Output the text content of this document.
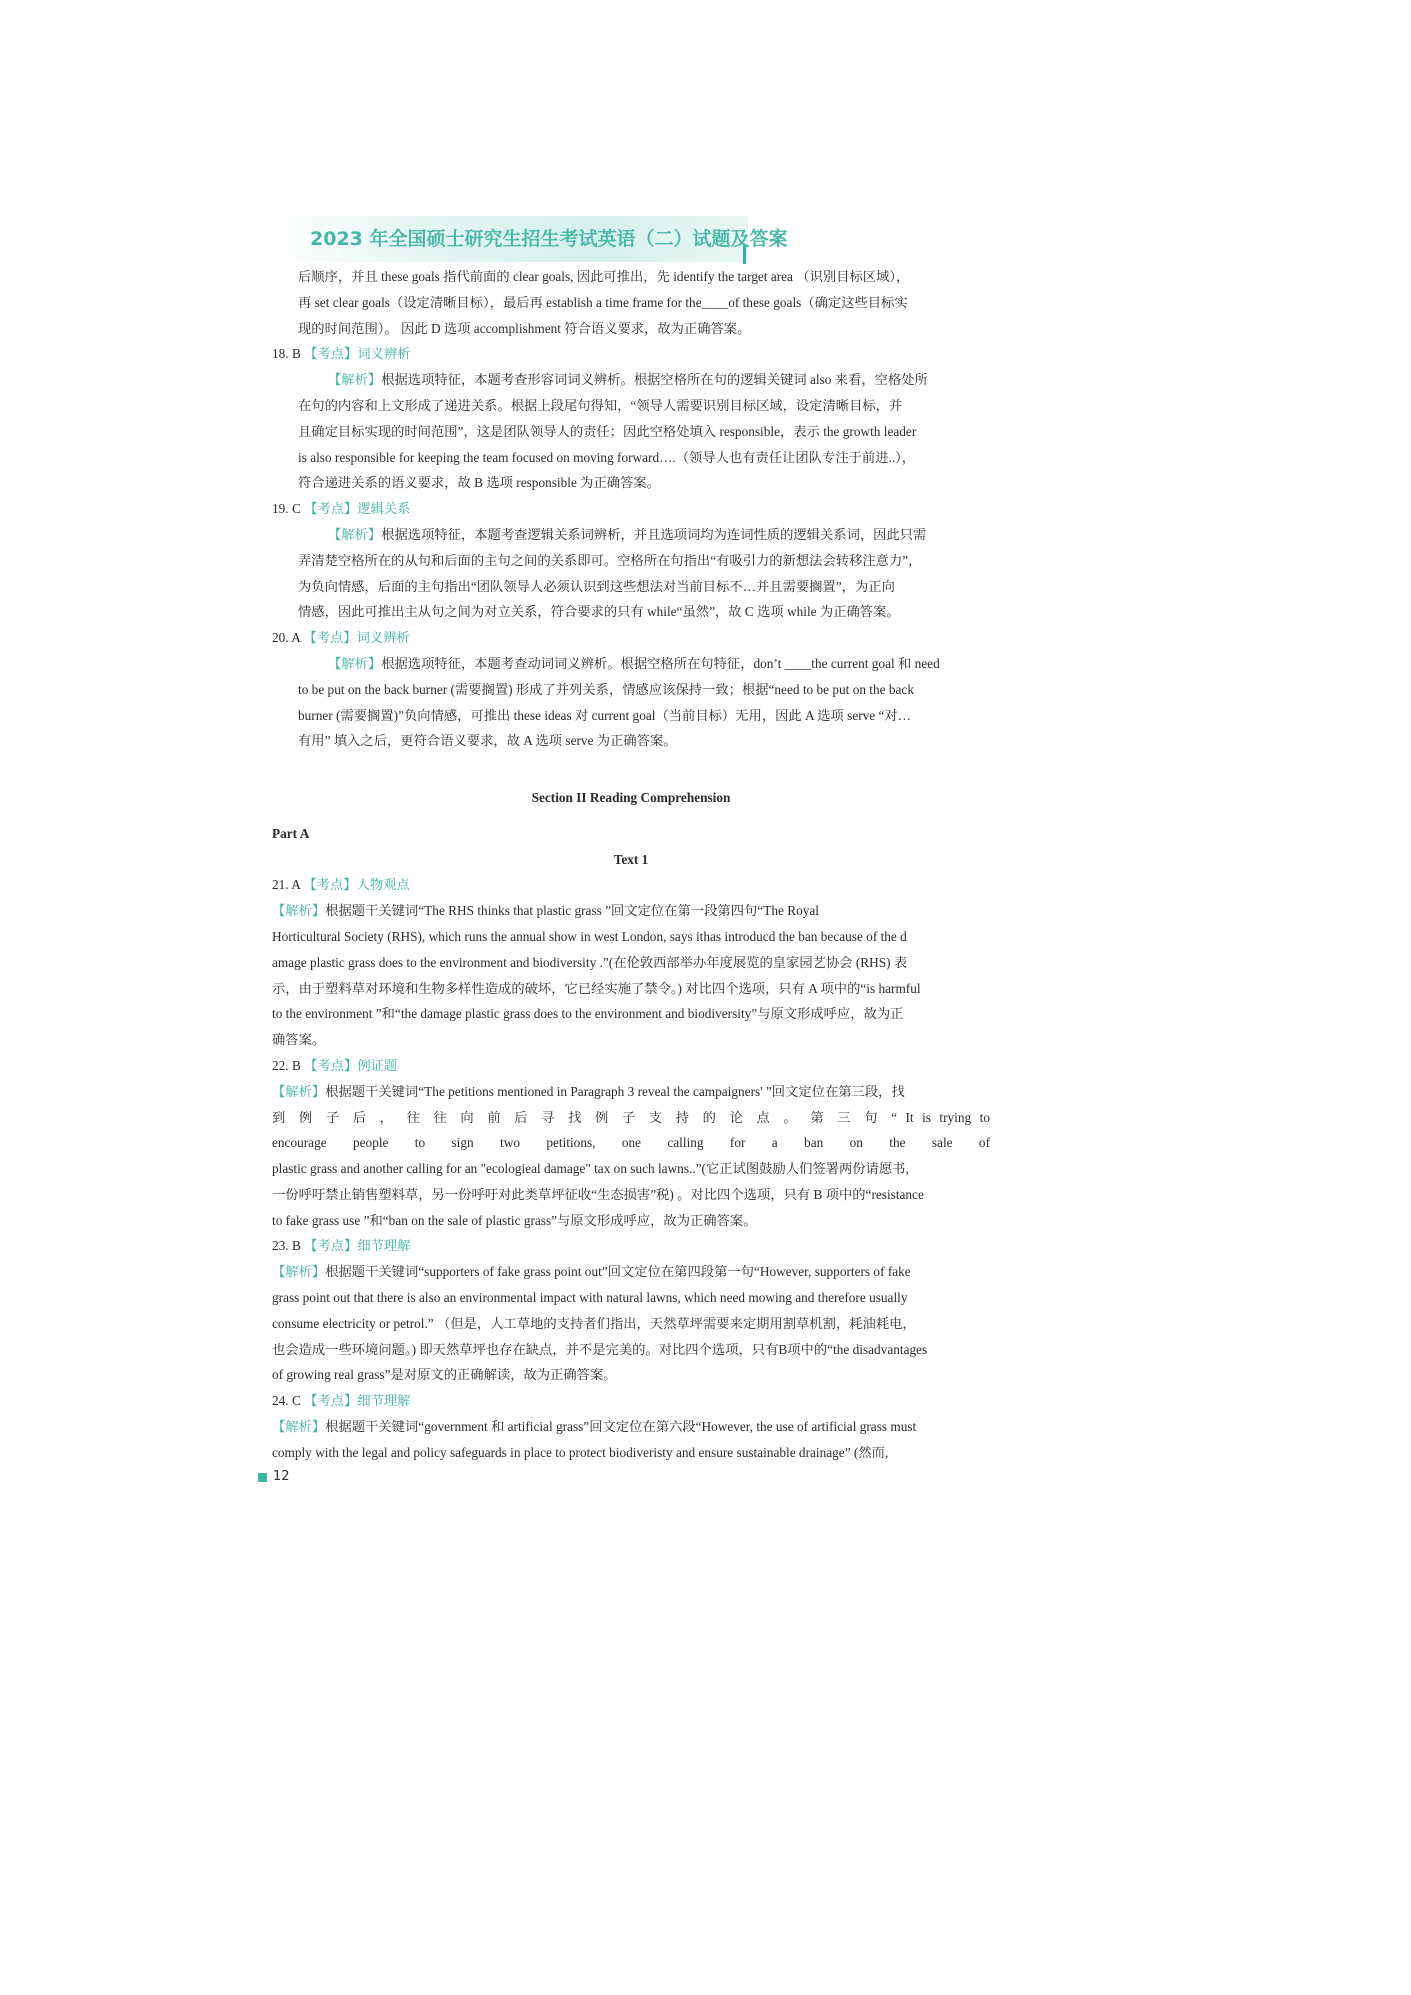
2023 年全国硕士研究生招生考试英语（二）试题及答案
后顺序，并且 these goals 指代前面的 clear goals, 因此可推出，先 identify the target area （识别目标区域），
再 set clear goals（设定清晰目标），最后再 establish a time frame for the____of these goals（确定这些目标实
现的时间范围）。 因此 D 选项 accomplishment 符合语义要求，故为正确答案。
18. B 【考点】词义辨析
【解析】根据选项特征，本题考查形容词词义辨析。根据空格所在句的逻辑关键词 also 来看，空格处所
在句的内容和上文形成了递进关系。根据上段尾句得知，“领导人需要识别目标区域，设定清晰目标，并
且确定目标实现的时间范围”，这是团队领导人的责任；因此空格处填入 responsible，表示 the growth leader
is also responsible for keeping the team focused on moving forward….（领导人也有责任让团队专注于前进..），
符合递进关系的语义要求，故 B 选项 responsible 为正确答案。
19. C 【考点】逻辑关系
【解析】根据选项特征，本题考查逻辑关系词辨析，并且选项词均为连词性质的逻辑关系词，因此只需
弄清楚空格所在的从句和后面的主句之间的关系即可。空格所在句指出“有吸引力的新想法会转移注意力”，
为负向情感，后面的主句指出“团队领导人必须认识到这些想法对当前目标不…并且需要搁置”，为正向
情感，因此可推出主从句之间为对立关系，符合要求的只有 while“虽然”，故 C 选项 while 为正确答案。
20. A 【考点】词义辨析
【解析】根据选项特征，本题考查动词词义辨析。根据空格所在句特征，don’t ____the current goal 和 need
to be put on the back burner (需要搁置) 形成了并列关系，情感应该保持一致；根据“need to be put on the back
burner (需要搁置)”负向情感，可推出 these ideas 对 current goal（当前目标）无用，因此 A 选项 serve “对…
有用” 填入之后，更符合语义要求，故 A 选项 serve 为正确答案。
Section II Reading Comprehension
Part A
Text 1
21. A 【考点】人物观点
【解析】根据题干关键词“The RHS thinks that plastic grass ”回文定位在第一段第四句“The Royal
Horticultural Society (RHS), which runs the annual show in west London, says ithas introducd the ban because of the d
amage plastic grass does to the environment and biodiversity .”(在伦敦西部举办年度展览的皇家园艺协会 (RHS) 表
示，由于塑料草对环境和生物多样性造成的破坏，它已经实施了禁令。) 对比四个选项，只有 A 项中的“is harmful
to the environment ”和“the damage plastic grass does to the environment and biodiversity”与原文形成呼应，故为正
确答案。
22. B 【考点】例证题
【解析】根据题干关键词“The petitions mentioned in Paragraph 3 reveal the campaigners' ”回文定位在第三段，找
到 例 子 后 ， 往 往 向 前 后 寻 找 例 子 支 持 的 论 点 。 第 三 句 “ It is trying to
encourage people to sign two petitions, one calling for a ban on the sale of
plastic grass and another calling for an "ecologieal damage" tax on such lawns..”(它正试图鼓励人们签署两份请愿书,
一份呼吁禁止销售塑料草，另一份呼吁对此类草坪征收“生态损害”税) 。对比四个选项，只有 B 项中的“resistance
to fake grass use ”和“ban on the sale of plastic grass”与原文形成呼应，故为正确答案。
23. B 【考点】细节理解
【解析】根据题干关键词“supporters of fake grass point out”回文定位在第四段第一句“However, supporters of fake
grass point out that there is also an environmental impact with natural lawns, which need mowing and therefore usually
consume electricity or petrol.” （但是，人工草地的支持者们指出，天然草坪需要来定期用割草机割，耗油耗电，
也会造成一些环境问题。) 即天然草坪也存在缺点，并不是完美的。对比四个选项，只有B项中的“the disadvantages
of growing real grass”是对原文的正确解读，故为正确答案。
24. C 【考点】细节理解
【解析】根据题干关键词“government 和 artificial grass”回文定位在第六段“However, the use of artificial grass must
comply with the legal and policy safeguards in place to protect biodiveristy and ensure sustainable drainage” (然而,
12
